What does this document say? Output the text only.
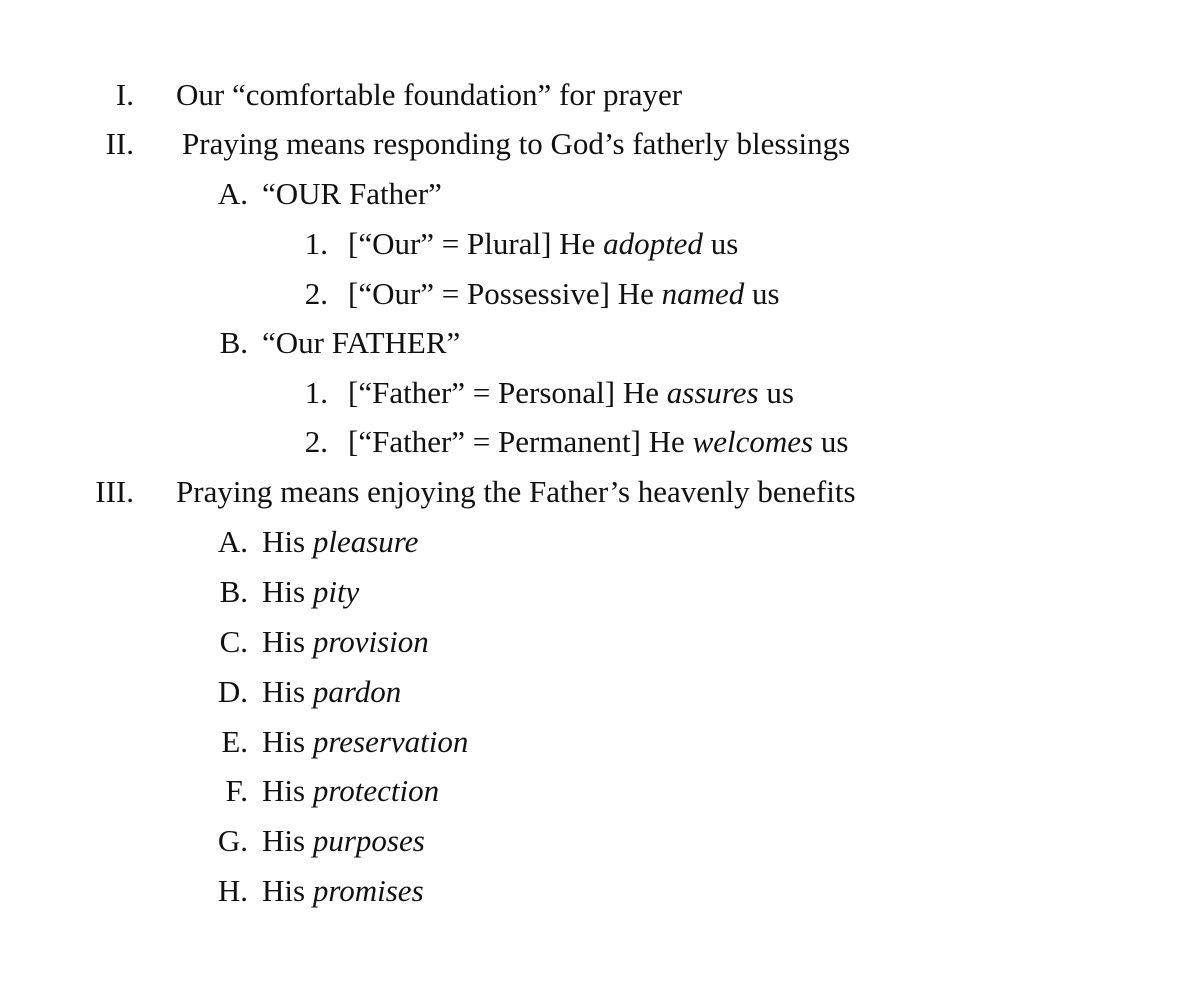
I. Our “comfortable foundation” for prayer
II. Praying means responding to God’s fatherly blessings
A. “OUR Father”
1. [“Our” = Plural] He adopted us
2. [“Our” = Possessive] He named us
B. “Our FATHER”
1. [“Father” = Personal] He assures us
2. [“Father” = Permanent] He welcomes us
III. Praying means enjoying the Father’s heavenly benefits
A. His pleasure
B. His pity
C. His provision
D. His pardon
E. His preservation
F. His protection
G. His purposes
H. His promises
